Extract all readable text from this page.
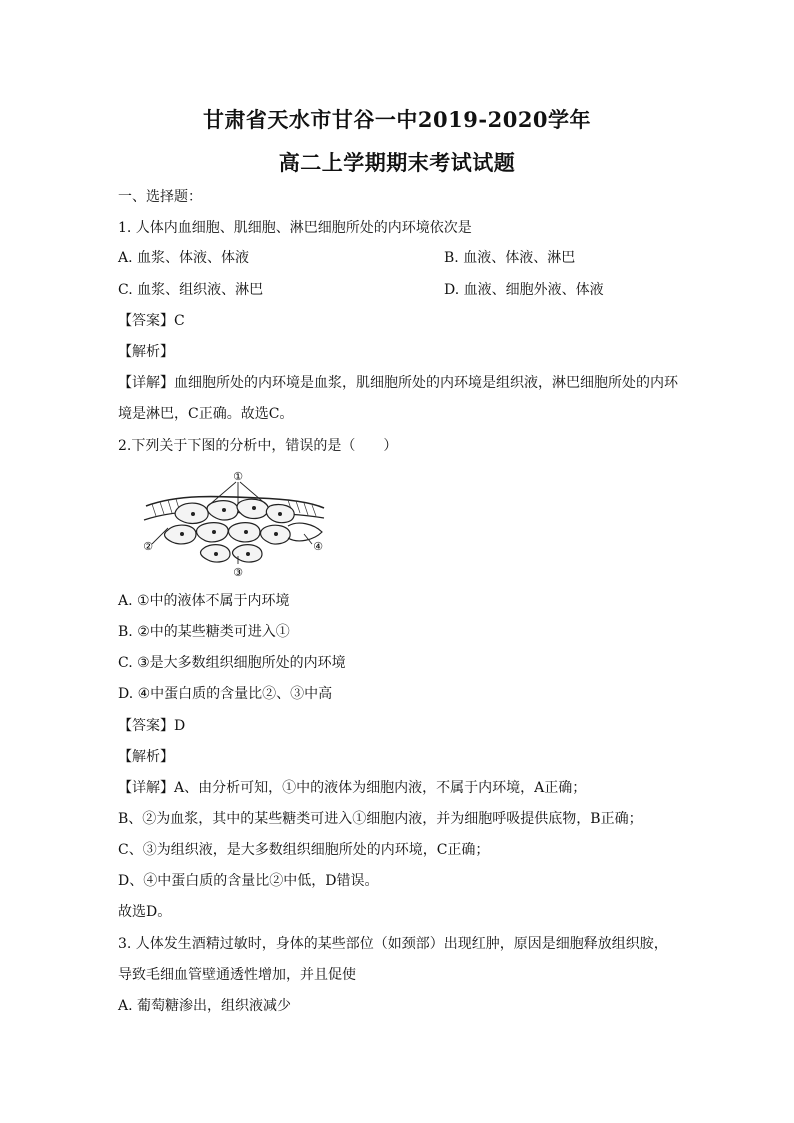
甘肃省天水市甘谷一中2019-2020学年
高二上学期期末考试试题
一、选择题：
1. 人体内血细胞、肌细胞、淋巴细胞所处的内环境依次是
A. 血浆、体液、体液	B. 血液、体液、淋巴
C. 血浆、组织液、淋巴	D. 血液、细胞外液、体液
【答案】C
【解析】
【详解】血细胞所处的内环境是血浆，肌细胞所处的内环境是组织液，淋巴细胞所处的内环
境是淋巴，C正确。故选C。
2.下列关于下图的分析中，错误的是（　　）
①
②
③
④
A. ①中的液体不属于内环境
B. ②中的某些糖类可进入①
C. ③是大多数组织细胞所处的内环境
D. ④中蛋白质的含量比②、③中高
【答案】D
【解析】
【详解】A、由分析可知，①中的液体为细胞内液，不属于内环境，A正确；
B、②为血浆，其中的某些糖类可进入①细胞内液，并为细胞呼吸提供底物，B正确；
C、③为组织液，是大多数组织细胞所处的内环境，C正确；
D、④中蛋白质的含量比②中低，D错误。
故选D。
3. 人体发生酒精过敏时，身体的某些部位（如颈部）出现红肿，原因是细胞释放组织胺，
导致毛细血管壁通透性增加，并且促使
A. 葡萄糖渗出，组织液减少
